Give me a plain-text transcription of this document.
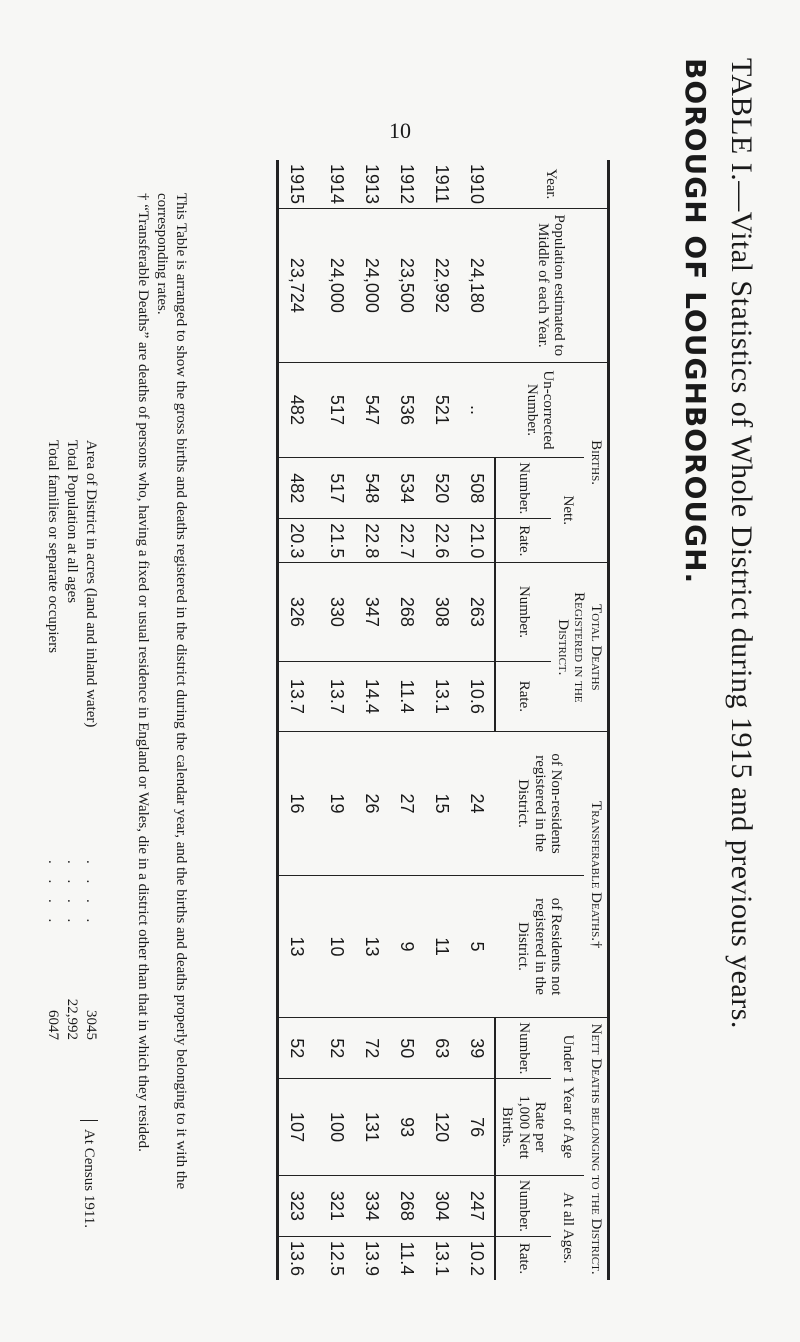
10	TABLE I.—Vital Statistics of Whole District during 1915 and previous years.
BOROUGH OF LOUGHBOROUGH.
Year.	Population estimated to Middle of each Year.	Births.			Total Deaths Registered in the District.		Transferable Deaths.†		Nett Deaths belonging to the District.			
		Un-corrected Number.	Nett.				of Non-residents registered in the District.	of Residents not registered in the District.	Under 1 Year of Age		At all Ages.	
			Number.	Rate.	Number.	Rate.			Number.	Rate per 1,000 Nett Births.	Number.	Rate.
1910	24,180	..	508	21.0	263	10.6	24	5	39	76	247	10.2
1911	22,992	521	520	22.6	308	13.1	15	11	63	120	304	13.1
1912	23,500	536	534	22.7	268	11.4	27	9	50	93	268	11.4
1913	24,000	547	548	22.8	347	14.4	26	13	72	131	334	13.9
1914	24,000	517	517	21.5	330	13.7	19	10	52	100	321	12.5
1915	23,724	482	482	20.3	326	13.7	16	13	52	107	323	13.6

This Table is arranged to show the gross births and deaths registered in the district during the calendar year, and the births and deaths properly belonging to it with the corresponding rates.

† “Transferable Deaths” are deaths of persons who, having a fixed or usual residence in England or Wales, die in a district other than that in which they resided.

Area of District in acres (land and inland water)
. . . .
3045
Total Population at all ages
. . . .
22,992
Total families or separate occupiers
. . . .
6047
At Census 1911.
